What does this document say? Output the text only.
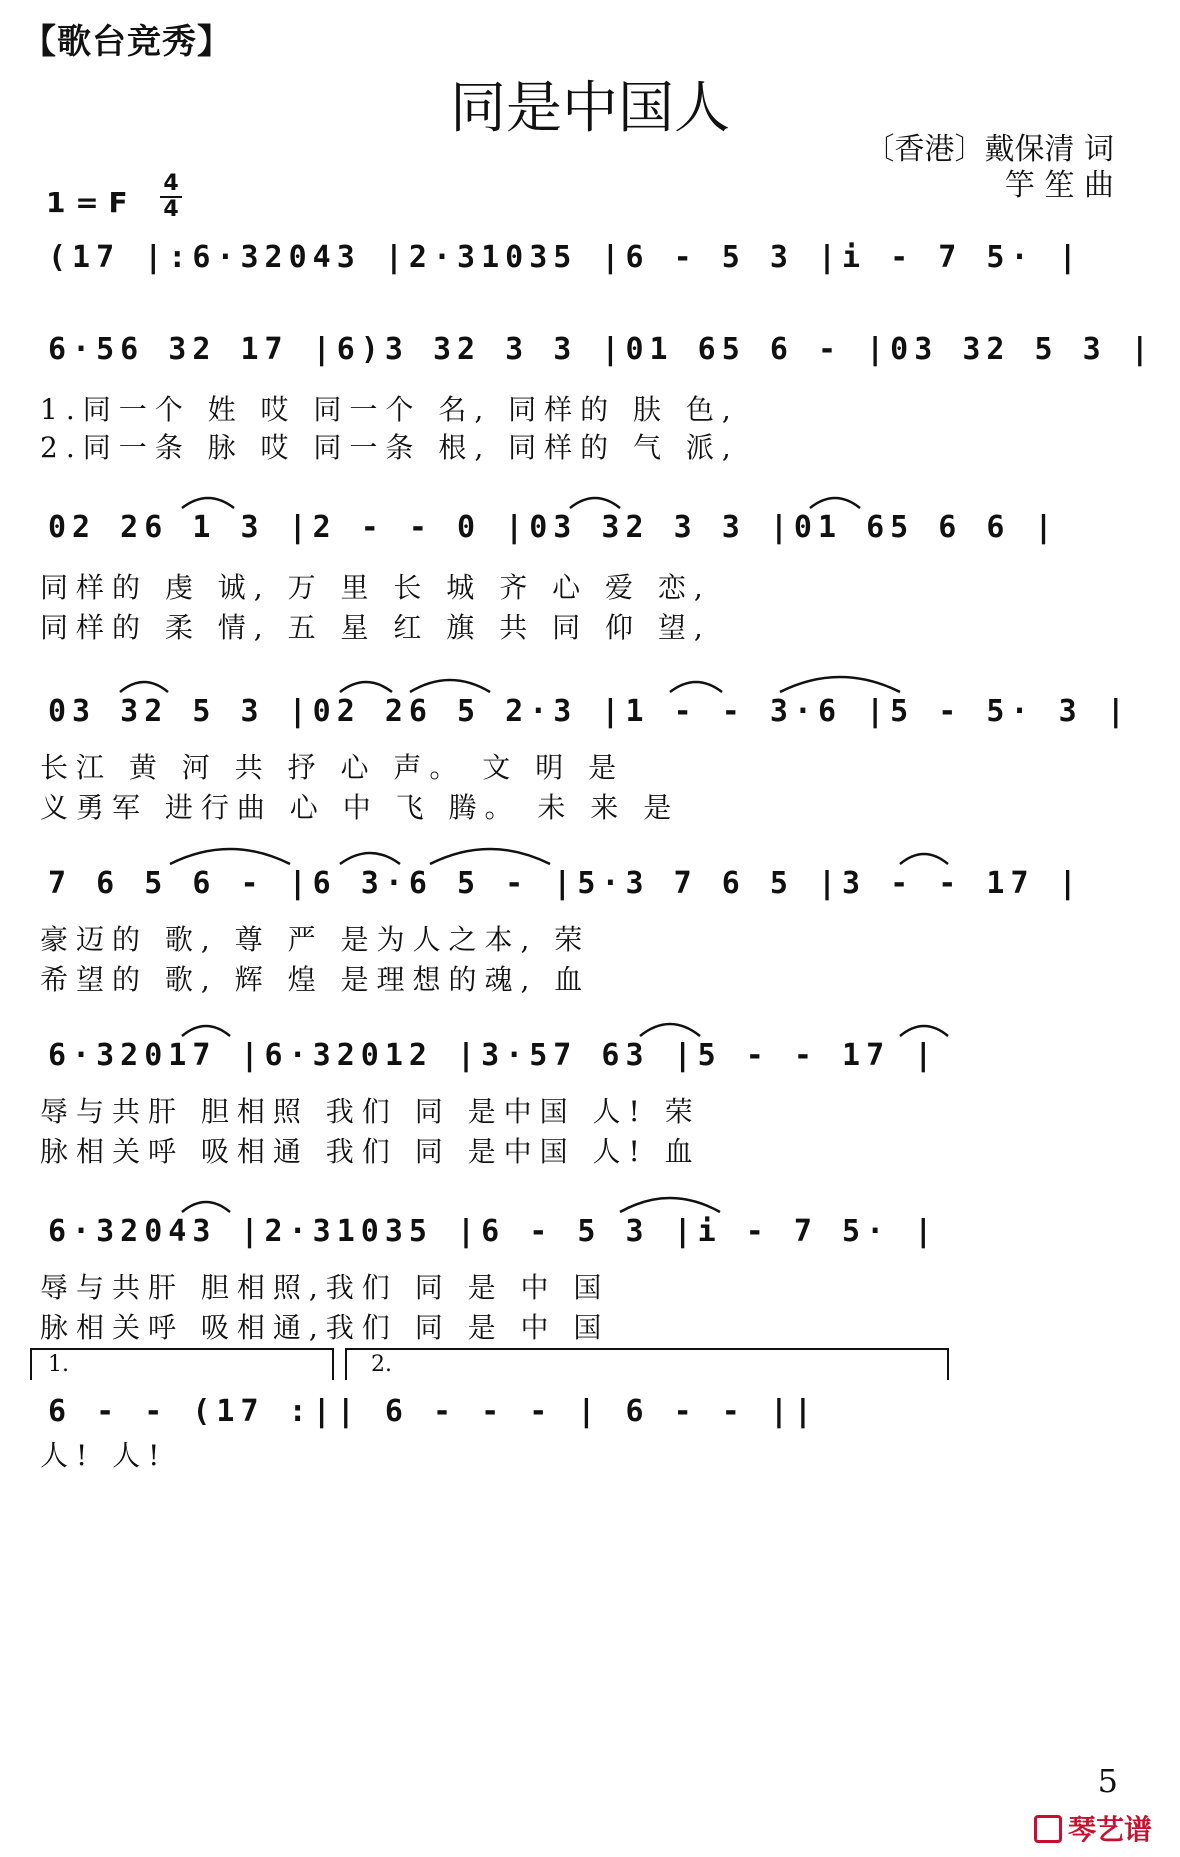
【歌台竞秀】
同是中国人
〔香港〕戴保清 词
竽 笙 曲
1 = F
4
4
(17 |:6·32043 |2·31035 |6 - 5 3 |i - 7 5· |
6·56 32 17 |6)3 32 3 3 |01 65 6 - |03 32 5 3 |
1.同一个 姓 哎 同一个 名, 同样的 肤 色,
2.同一条 脉 哎 同一条 根, 同样的 气 派,
02 26 1 3 |2 - - 0 |03 32 3 3 |01 65 6 6 |
同样的 虔 诚, 万 里 长 城 齐 心 爱 恋,
同样的 柔 情, 五 星 红 旗 共 同 仰 望,
03 32 5 3 |02 26 5 2·3 |1 - - 3·6 |5 - 5· 3 |
长江 黄 河 共 抒 心 声。 文 明 是
义勇军 进行曲 心 中 飞 腾。 未 来 是
7 6 5 6 - |6 3·6 5 - |5·3 7 6 5 |3 - - 17 |
豪迈的 歌, 尊 严 是为人之本, 荣
希望的 歌, 辉 煌 是理想的魂, 血
6·32017 |6·32012 |3·57 63 |5 - - 17 |
辱与共肝 胆相照 我们 同 是中国 人! 荣
脉相关呼 吸相通 我们 同 是中国 人! 血
6·32043 |2·31035 |6 - 5 3 |i - 7 5· |
辱与共肝 胆相照,我们 同 是 中 国
脉相关呼 吸相通,我们 同 是 中 国
1.	2.
6 - - (17 :|| 6 - - - | 6 - - ||
人! 人!
5
琴艺谱
